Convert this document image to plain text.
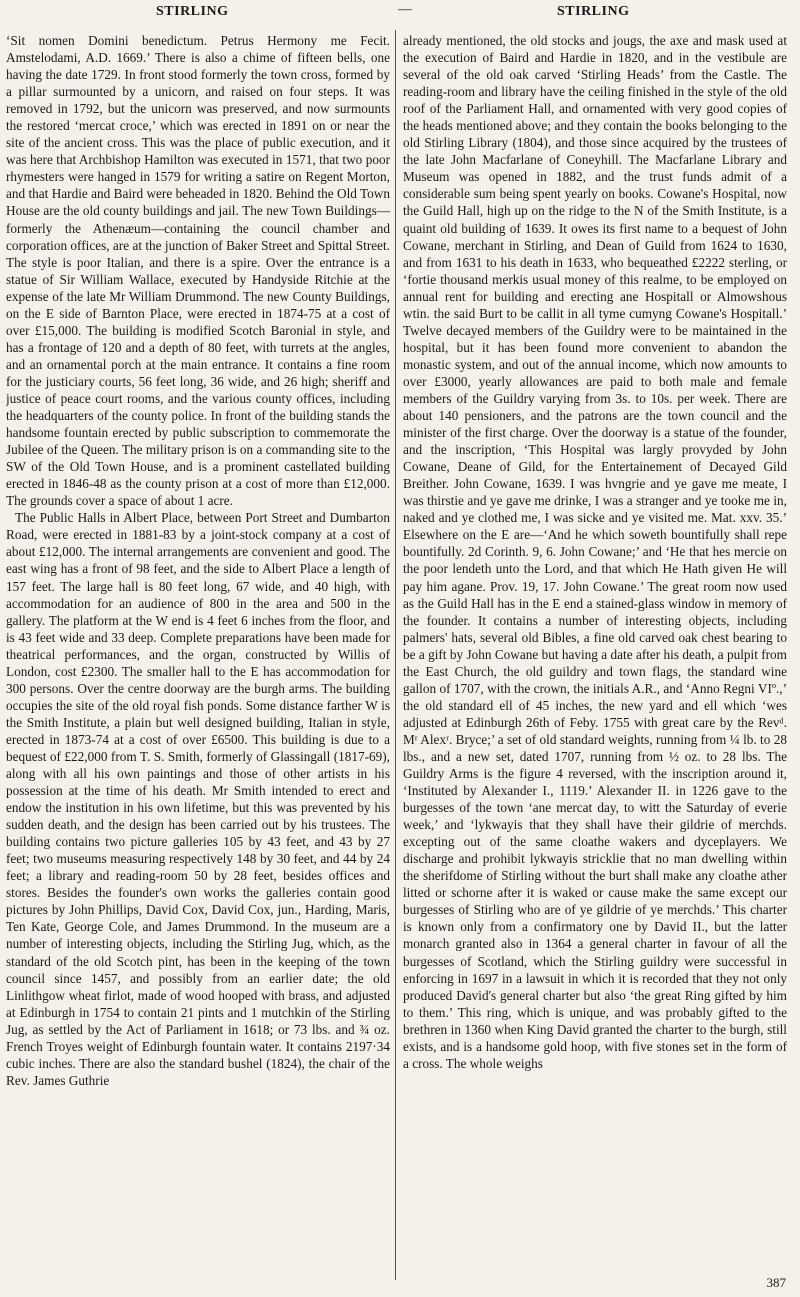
STIRLING	—	STIRLING

‘Sit nomen Domini benedictum. Petrus Hermony me Fecit. Amstelodami, A.D. 1669.’ There is also a chime of fifteen bells, one having the date 1729. In front stood formerly the town cross, formed by a pillar surmounted by a unicorn, and raised on four steps. It was removed in 1792, but the unicorn was preserved, and now surmounts the restored ‘mercat croce,’ which was erected in 1891 on or near the site of the ancient cross. This was the place of public execution, and it was here that Archbishop Hamilton was executed in 1571, that two poor rhymesters were hanged in 1579 for writing a satire on Regent Morton, and that Hardie and Baird were beheaded in 1820. Behind the Old Town House are the old county buildings and jail. The new Town Buildings—formerly the Athenæum—containing the council chamber and corporation offices, are at the junction of Baker Street and Spittal Street. The style is poor Italian, and there is a spire. Over the entrance is a statue of Sir William Wallace, executed by Handyside Ritchie at the expense of the late Mr William Drummond. The new County Buildings, on the E side of Barnton Place, were erected in 1874-75 at a cost of over £15,000. The building is modified Scotch Baronial in style, and has a frontage of 120 and a depth of 80 feet, with turrets at the angles, and an ornamental porch at the main entrance. It contains a fine room for the justiciary courts, 56 feet long, 36 wide, and 26 high; sheriff and justice of peace court rooms, and the various county offices, including the headquarters of the county police. In front of the building stands the handsome fountain erected by public subscription to commemorate the Jubilee of the Queen. The military prison is on a commanding site to the SW of the Old Town House, and is a prominent castellated building erected in 1846-48 as the county prison at a cost of more than £12,000. The grounds cover a space of about 1 acre.

The Public Halls in Albert Place, between Port Street and Dumbarton Road, were erected in 1881-83 by a joint-stock company at a cost of about £12,000. The internal arrangements are convenient and good. The east wing has a front of 98 feet, and the side to Albert Place a length of 157 feet. The large hall is 80 feet long, 67 wide, and 40 high, with accommodation for an audience of 800 in the area and 500 in the gallery. The platform at the W end is 4 feet 6 inches from the floor, and is 43 feet wide and 33 deep. Complete preparations have been made for theatrical performances, and the organ, constructed by Willis of London, cost £2300. The smaller hall to the E has accommodation for 300 persons. Over the centre doorway are the burgh arms. The building occupies the site of the old royal fish ponds. Some distance farther W is the Smith Institute, a plain but well designed building, Italian in style, erected in 1873-74 at a cost of over £6500. This building is due to a bequest of £22,000 from T. S. Smith, formerly of Glassingall (1817-69), along with all his own paintings and those of other artists in his possession at the time of his death. Mr Smith intended to erect and endow the institution in his own lifetime, but this was prevented by his sudden death, and the design has been carried out by his trustees. The building contains two picture galleries 105 by 43 feet, and 43 by 27 feet; two museums measuring respectively 148 by 30 feet, and 44 by 24 feet; a library and reading-room 50 by 28 feet, besides offices and stores. Besides the founder's own works the galleries contain good pictures by John Phillips, David Cox, David Cox, jun., Harding, Maris, Ten Kate, George Cole, and James Drummond. In the museum are a number of interesting objects, including the Stirling Jug, which, as the standard of the old Scotch pint, has been in the keeping of the town council since 1457, and possibly from an earlier date; the old Linlithgow wheat firlot, made of wood hooped with brass, and adjusted at Edinburgh in 1754 to contain 21 pints and 1 mutchkin of the Stirling Jug, as settled by the Act of Parliament in 1618; or 73 lbs. and ¾ oz. French Troyes weight of Edinburgh fountain water. It contains 2197·34 cubic inches. There are also the standard bushel (1824), the chair of the Rev. James Guthrie

already mentioned, the old stocks and jougs, the axe and mask used at the execution of Baird and Hardie in 1820, and in the vestibule are several of the old oak carved ‘Stirling Heads’ from the Castle. The reading-room and library have the ceiling finished in the style of the old roof of the Parliament Hall, and ornamented with very good copies of the heads mentioned above; and they contain the books belonging to the old Stirling Library (1804), and those since acquired by the trustees of the late John Macfarlane of Coneyhill. The Macfarlane Library and Museum was opened in 1882, and the trust funds admit of a considerable sum being spent yearly on books. Cowane's Hospital, now the Guild Hall, high up on the ridge to the N of the Smith Institute, is a quaint old building of 1639. It owes its first name to a bequest of John Cowane, merchant in Stirling, and Dean of Guild from 1624 to 1630, and from 1631 to his death in 1633, who bequeathed £2222 sterling, or ‘fortie thousand merkis usual money of this realme, to be employed on annual rent for building and erecting ane Hospitall or Almowshous wtin. the said Burt to be callit in all tyme cumyng Cowane's Hospitall.’ Twelve decayed members of the Guildry were to be maintained in the hospital, but it has been found more convenient to abandon the monastic system, and out of the annual income, which now amounts to over £3000, yearly allowances are paid to both male and female members of the Guildry varying from 3s. to 10s. per week. There are about 140 pensioners, and the patrons are the town council and the minister of the first charge. Over the doorway is a statue of the founder, and the inscription, ‘This Hospital was largly provyded by John Cowane, Deane of Gild, for the Entertainement of Decayed Gild Breither. John Cowane, 1639. I was hvngrie and ye gave me meate, I was thirstie and ye gave me drinke, I was a stranger and ye tooke me in, naked and ye clothed me, I was sicke and ye visited me. Mat. xxv. 35.’ Elsewhere on the E are—‘And he which soweth bountifully shall repe bountifully. 2d Corinth. 9, 6. John Cowane;’ and ‘He that hes mercie on the poor lendeth unto the Lord, and that which He Hath given He will pay him agane. Prov. 19, 17. John Cowane.’ The great room now used as the Guild Hall has in the E end a stained-glass window in memory of the founder. It contains a number of interesting objects, including palmers' hats, several old Bibles, a fine old carved oak chest bearing to be a gift by John Cowane but having a date after his death, a pulpit from the East Church, the old guildry and town flags, the standard wine gallon of 1707, with the crown, the initials A.R., and ‘Anno Regni VIº.,’ the old standard ell of 45 inches, the new yard and ell which ‘wes adjusted at Edinburgh 26th of Feby. 1755 with great care by the Revᵈ. Mʳ Alexʳ. Bryce;’ a set of old standard weights, running from ¼ lb. to 28 lbs., and a new set, dated 1707, running from ½ oz. to 28 lbs. The Guildry Arms is the figure 4 reversed, with the inscription around it, ‘Instituted by Alexander I., 1119.’ Alexander II. in 1226 gave to the burgesses of the town ‘ane mercat day, to witt the Saturday of everie week,’ and ‘lykwayis that they shall have their gildrie of merchds. excepting out of the same cloathe wakers and dyceplayers. We discharge and prohibit lykwayis stricklie that no man dwelling within the sherifdome of Stirling without the burt shall make any cloathe ather litted or schorne after it is waked or cause make the same except our burgesses of Stirling who are of ye gildrie of ye merchds.’ This charter is known only from a confirmatory one by David II., but the latter monarch granted also in 1364 a general charter in favour of all the burgesses of Scotland, which the Stirling guildry were successful in enforcing in 1697 in a lawsuit in which it is recorded that they not only produced David's general charter but also ‘the great Ring gifted by him to them.’ This ring, which is unique, and was probably gifted to the brethren in 1360 when King David granted the charter to the burgh, still exists, and is a handsome gold hoop, with five stones set in the form of a cross. The whole weighs

387
